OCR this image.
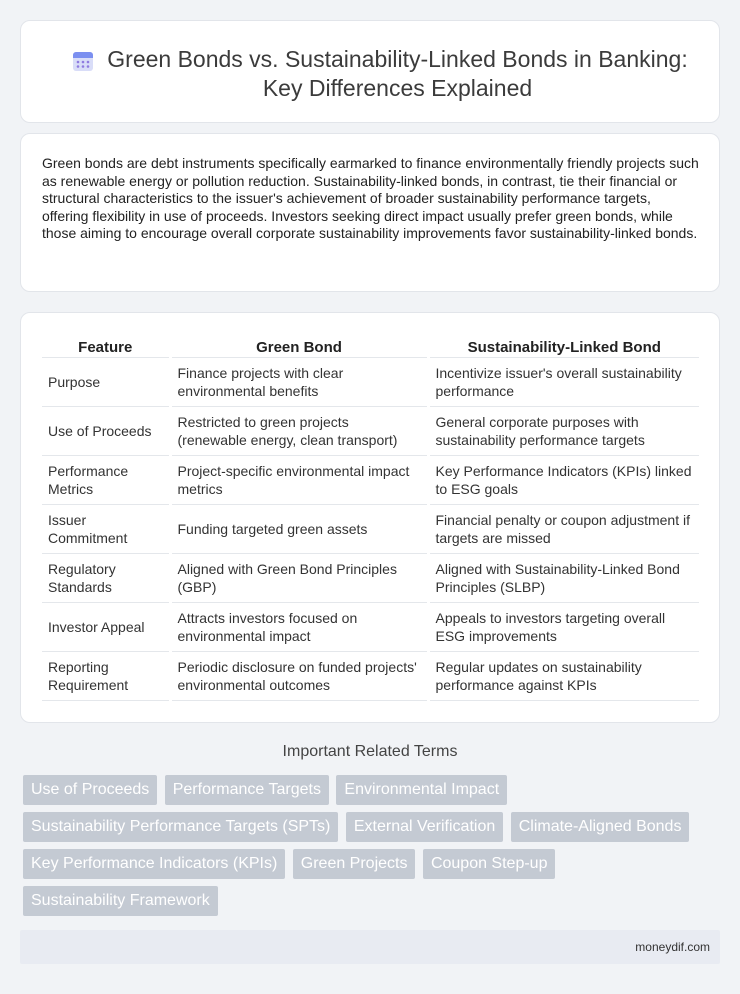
Green Bonds vs. Sustainability-Linked Bonds in Banking: Key Differences Explained

Green bonds are debt instruments specifically earmarked to finance environmentally friendly projects such as renewable energy or pollution reduction. Sustainability-linked bonds, in contrast, tie their financial or structural characteristics to the issuer's achievement of broader sustainability performance targets, offering flexibility in use of proceeds. Investors seeking direct impact usually prefer green bonds, while those aiming to encourage overall corporate sustainability improvements favor sustainability-linked bonds.

Feature	Green Bond	Sustainability-Linked Bond
Purpose	Finance projects with clear environmental benefits	Incentivize issuer's overall sustainability performance
Use of Proceeds	Restricted to green projects (renewable energy, clean transport)	General corporate purposes with sustainability performance targets
Performance Metrics	Project-specific environmental impact metrics	Key Performance Indicators (KPIs) linked to ESG goals
Issuer Commitment	Funding targeted green assets	Financial penalty or coupon adjustment if targets are missed
Regulatory Standards	Aligned with Green Bond Principles (GBP)	Aligned with Sustainability-Linked Bond Principles (SLBP)
Investor Appeal	Attracts investors focused on environmental impact	Appeals to investors targeting overall ESG improvements
Reporting Requirement	Periodic disclosure on funded projects' environmental outcomes	Regular updates on sustainability performance against KPIs
Important Related Terms
Use of Proceeds Performance Targets Environmental Impact Sustainability Performance Targets (SPTs) External Verification Climate-Aligned Bonds Key Performance Indicators (KPIs) Green Projects Coupon Step-up Sustainability Framework
moneydif.com
